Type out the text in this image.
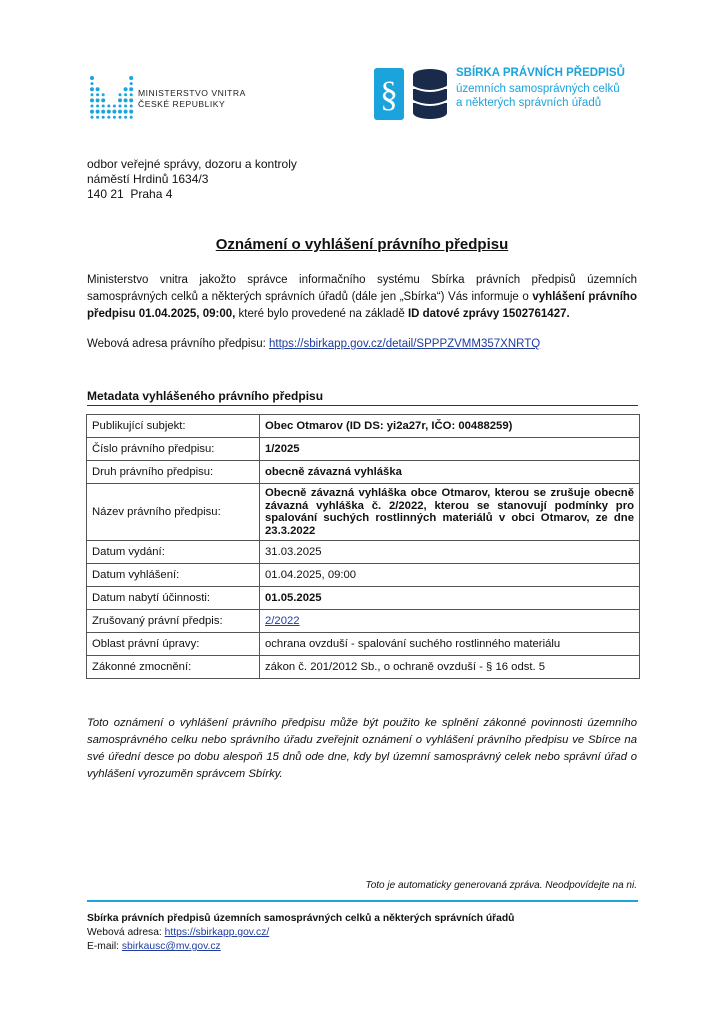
MINISTERSTVO VNITRA
ČESKÉ REPUBLIKY	§
SBÍRKA PRÁVNÍCH PŘEDPISŮ
územních samosprávných celků
a některých správních úřadů
odbor veřejné správy, dozoru a kontroly
náměstí Hrdinů 1634/3
140 21  Praha 4
Oznámení o vyhlášení právního předpisu
Ministerstvo vnitra jakožto správce informačního systému Sbírka právních předpisů územních samosprávných celků a některých správních úřadů (dále jen „Sbírka“) Vás informuje o vyhlášení právního předpisu 01.04.2025, 09:00, které bylo provedené na základě ID datové zprávy 1502761427.
Webová adresa právního předpisu: https://sbirkapp.gov.cz/detail/SPPPZVMM357XNRTQ
Metadata vyhlášeného právního předpisu
Publikující subjekt:	Obec Otmarov (ID DS: yi2a27r, IČO: 00488259)
Číslo právního předpisu:	1/2025
Druh právního předpisu:	obecně závazná vyhláška
Název právního předpisu:	Obecně závazná vyhláška obce Otmarov, kterou se zrušuje obecně závazná vyhláška č. 2/2022, kterou se stanovují podmínky pro spalování suchých rostlinných materiálů v obci Otmarov, ze dne 23.3.2022
Datum vydání:	31.03.2025
Datum vyhlášení:	01.04.2025, 09:00
Datum nabytí účinnosti:	01.05.2025
Zrušovaný právní předpis:	2/2022
Oblast právní úpravy:	ochrana ovzduší - spalování suchého rostlinného materiálu
Zákonné zmocnění:	zákon č. 201/2012 Sb., o ochraně ovzduší - § 16 odst. 5
Toto oznámení o vyhlášení právního předpisu může být použito ke splnění zákonné povinnosti územního samosprávného celku nebo správního úřadu zveřejnit oznámení o vyhlášení právního předpisu ve Sbírce na své úřední desce po dobu alespoň 15 dnů ode dne, kdy byl územní samosprávný celek nebo správní úřad o vyhlášení vyrozuměn správcem Sbírky.
Toto je automaticky generovaná zpráva. Neodpovídejte na ni.
Sbírka právních předpisů územních samosprávných celků a některých správních úřadů
Webová adresa: https://sbirkapp.gov.cz/
E-mail: sbirkausc@mv.gov.cz
